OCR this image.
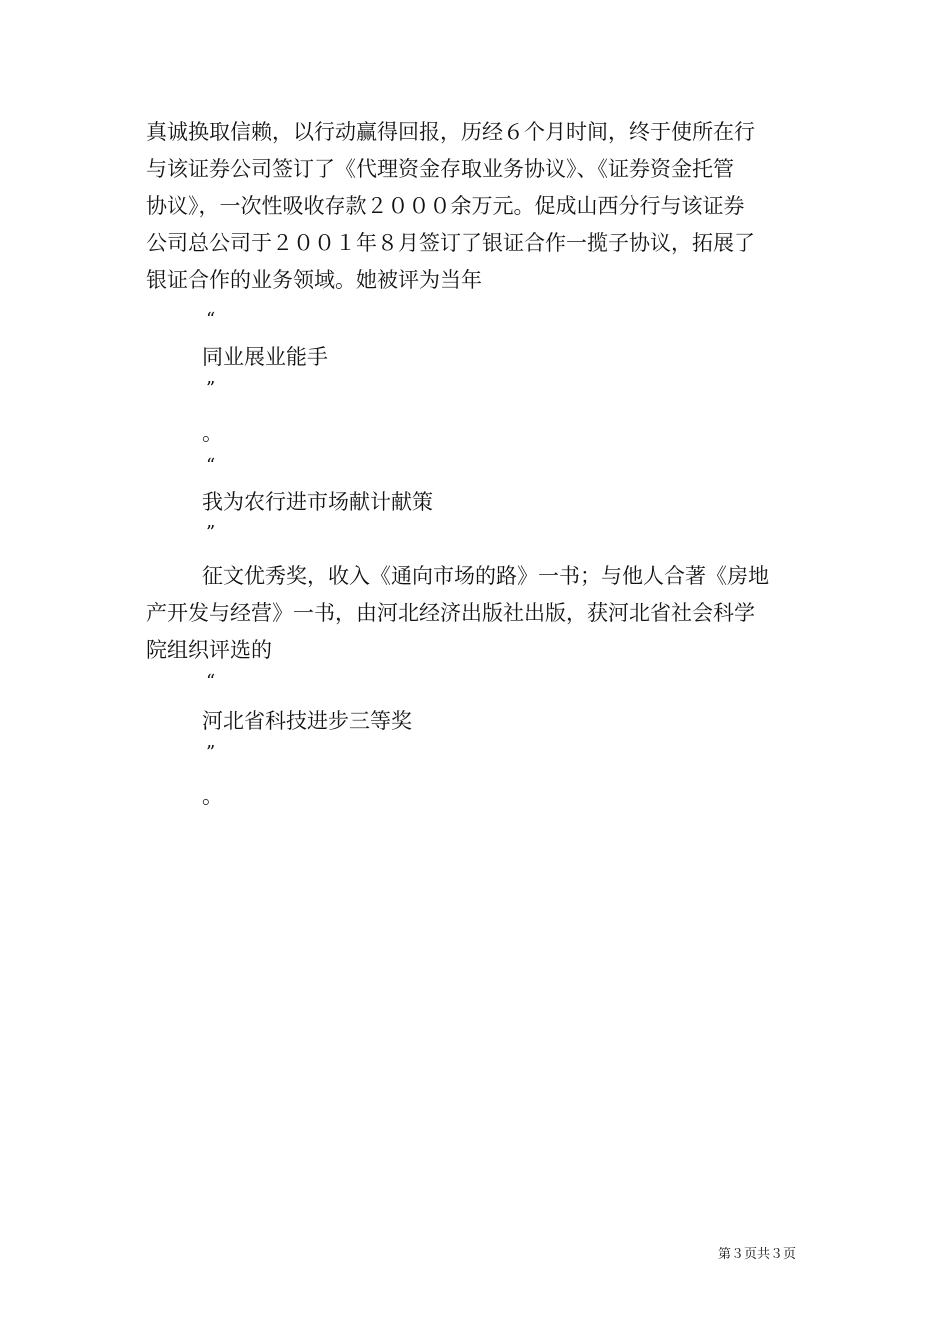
真诚换取信赖，以行动赢得回报，历经６个月时间，终于使所在行
与该证券公司签订了《代理资金存取业务协议》、《证券资金托管
协议》，一次性吸收存款２０００余万元。促成山西分行与该证券
公司总公司于２００１年８月签订了银证合作一揽子协议，拓展了
银证合作的业务领域。她被评为当年
“
同业展业能手
”
。
“
我为农行进市场献计献策
”
征文优秀奖，收入《通向市场的路》一书；与他人合著《房地
产开发与经营》一书，由河北经济出版社出版，获河北省社会科学
院组织评选的
“
河北省科技进步三等奖
”
。
第３页共３页
